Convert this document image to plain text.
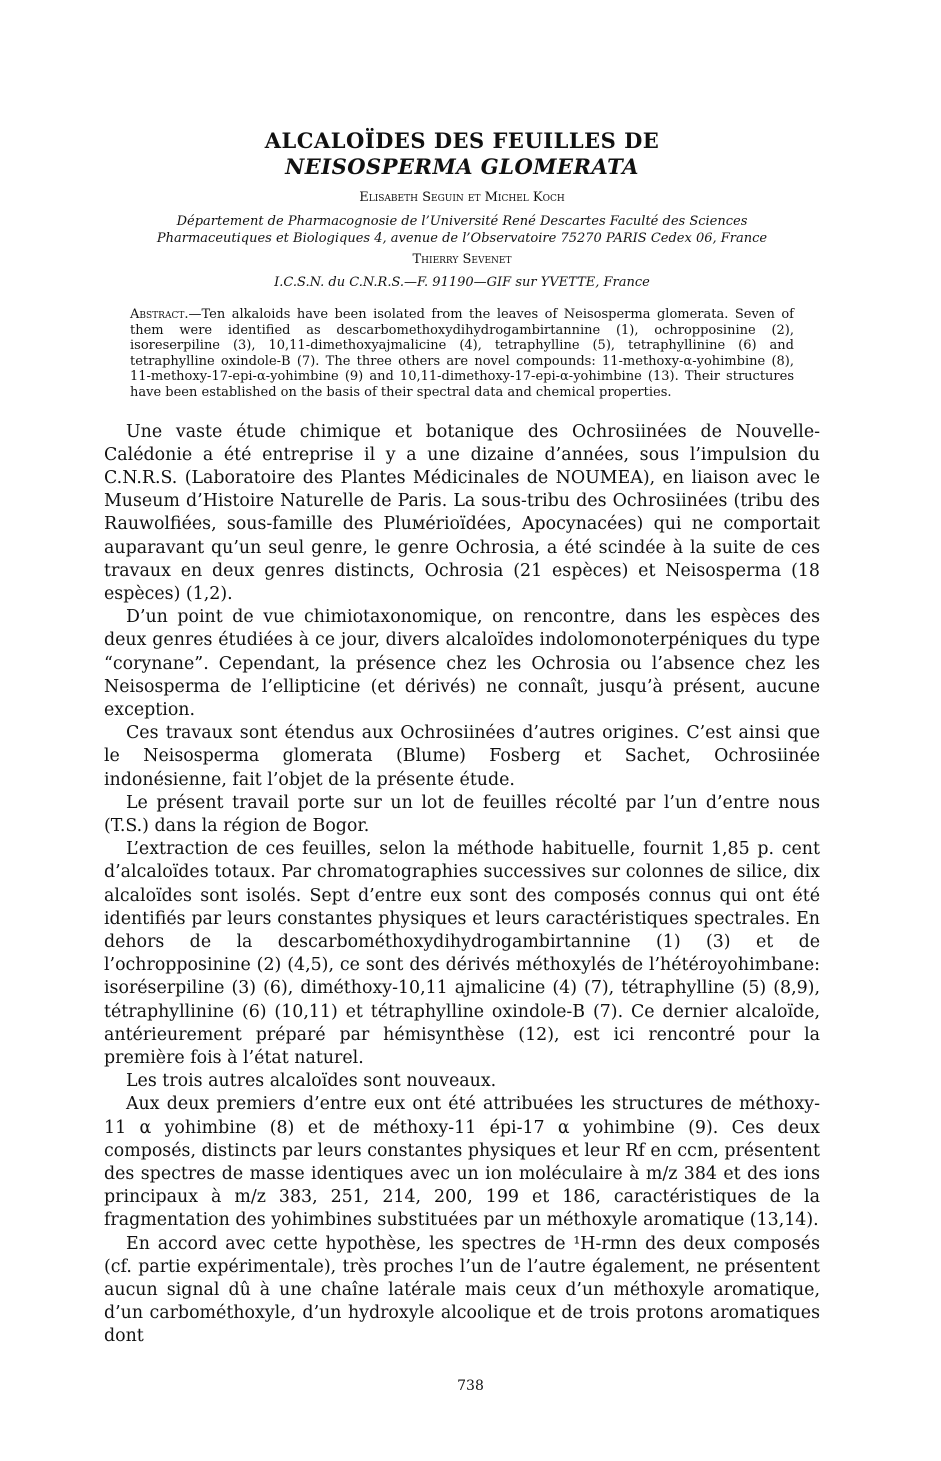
ALCALOÏDES DES FEUILLES DE
NEISOSPERMA GLOMERATA
Elisabeth Seguin et Michel Koch
Département de Pharmacognosie de l’Université René Descartes Faculté des Sciences
Pharmaceutiques et Biologiques 4, avenue de l’Observatoire 75270 PARIS Cedex 06, France
Thierry Sevenet
I.C.S.N. du C.N.R.S.—F. 91190—GIF sur YVETTE, France
Abstract.—Ten alkaloids have been isolated from the leaves of Neisosperma glomerata. Seven of them were identified as descarbomethoxydihydrogambirtannine (1), ochropposinine (2), isoreserpiline (3), 10,11-dimethoxyajmalicine (4), tetraphylline (5), tetraphyllinine (6) and tetraphylline oxindole-B (7). The three others are novel compounds: 11-methoxy-α-yohimbine (8), 11-methoxy-17-epi-α-yohimbine (9) and 10,11-dimethoxy-17-epi-α-yohimbine (13). Their structures have been established on the basis of their spectral data and chemical properties.

Une vaste étude chimique et botanique des Ochrosiinées de Nouvelle-Calédonie a été entreprise il y a une dizaine d’années, sous l’impulsion du C.N.R.S. (Laboratoire des Plantes Médicinales de NOUMEA), en liaison avec le Museum d’Histoire Naturelle de Paris. La sous-tribu des Ochrosiinées (tribu des Rauwolfiées, sous-famille des Pluмérioïdées, Apocynacées) qui ne comportait auparavant qu’un seul genre, le genre Ochrosia, a été scindée à la suite de ces travaux en deux genres distincts, Ochrosia (21 espèces) et Neisosperma (18 espèces) (1,2).

D’un point de vue chimiotaxonomique, on rencontre, dans les espèces des deux genres étudiées à ce jour, divers alcaloïdes indolomonoterpéniques du type “corynane”. Cependant, la présence chez les Ochrosia ou l’absence chez les Neisosperma de l’ellipticine (et dérivés) ne connaît, jusqu’à présent, aucune exception.

Ces travaux sont étendus aux Ochrosiinées d’autres origines. C’est ainsi que le Neisosperma glomerata (Blume) Fosberg et Sachet, Ochrosiinée indonésienne, fait l’objet de la présente étude.

Le présent travail porte sur un lot de feuilles récolté par l’un d’entre nous (T.S.) dans la région de Bogor.

L’extraction de ces feuilles, selon la méthode habituelle, fournit 1,85 p. cent d’alcaloïdes totaux. Par chromatographies successives sur colonnes de silice, dix alcaloïdes sont isolés. Sept d’entre eux sont des composés connus qui ont été identifiés par leurs constantes physiques et leurs caractéristiques spectrales. En dehors de la descarbométhoxydihydrogambirtannine (1) (3) et de l’ochropposinine (2) (4,5), ce sont des dérivés méthoxylés de l’hétéroyohimbane: isoréserpiline (3) (6), diméthoxy-10,11 ajmalicine (4) (7), tétraphylline (5) (8,9), tétraphyllinine (6) (10,11) et tétraphylline oxindole-B (7). Ce dernier alcaloïde, antérieurement préparé par hémisynthèse (12), est ici rencontré pour la première fois à l’état naturel.

Les trois autres alcaloïdes sont nouveaux.

Aux deux premiers d’entre eux ont été attribuées les structures de méthoxy-11 α yohimbine (8) et de méthoxy-11 épi-17 α yohimbine (9). Ces deux composés, distincts par leurs constantes physiques et leur Rf en ccm, présentent des spectres de masse identiques avec un ion moléculaire à m/z 384 et des ions principaux à m/z 383, 251, 214, 200, 199 et 186, caractéristiques de la fragmentation des yohimbines substituées par un méthoxyle aromatique (13,14).

En accord avec cette hypothèse, les spectres de ¹H-rmn des deux composés (cf. partie expérimentale), très proches l’un de l’autre également, ne présentent aucun signal dû à une chaîne latérale mais ceux d’un méthoxyle aromatique, d’un carbométhoxyle, d’un hydroxyle alcoolique et de trois protons aromatiques dont

738
